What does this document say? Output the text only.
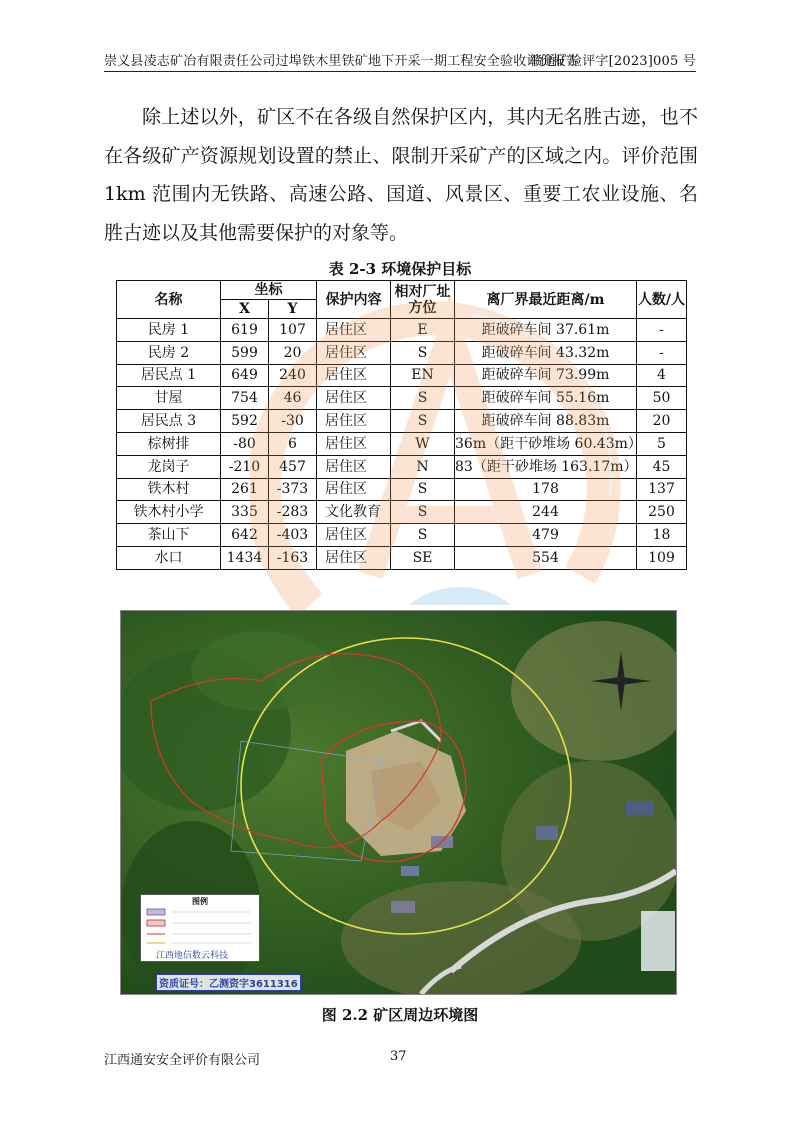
崇义县凌志矿冶有限责任公司过埠铁木里铁矿地下开采一期工程安全验收评价报告
赣通矿验评字[2023]005 号
除上述以外，矿区不在各级自然保护区内，其内无名胜古迹，也不在各级矿产资源规划设置的禁止、限制开采矿产的区域之内。评价范围 1km 范围内无铁路、高速公路、国道、风景区、重要工农业设施、名胜古迹以及其他需要保护的对象等。
表 2-3 环境保护目标
名称	坐标		保护内容	相对厂址方位	离厂界最近距离/m	人数/人
	X	Y				
民房 1	619	107	居住区	E	距破碎车间 37.61m	-
民房 2	599	20	居住区	S	距破碎车间 43.32m	-
居民点 1	649	240	居住区	EN	距破碎车间 73.99m	4
甘屋	754	46	居住区	S	距破碎车间 55.16m	50
居民点 3	592	-30	居住区	S	距破碎车间 88.83m	20
棕树排	-80	6	居住区	W	36m（距干砂堆场 60.43m）	5
龙岗子	-210	457	居住区	N	83（距干砂堆场 163.17m）	45
铁木村	261	-373	居住区	S	178	137
铁木村小学	335	-283	文化教育	S	244	250
茶山下	642	-403	居住区	S	479	18
水口	1434	-163	居住区	SE	554	109
图例
江西地信数云科技
资质证号：乙测资字3611316
图 2.2 矿区周边环境图
江西通安安全评价有限公司	37
